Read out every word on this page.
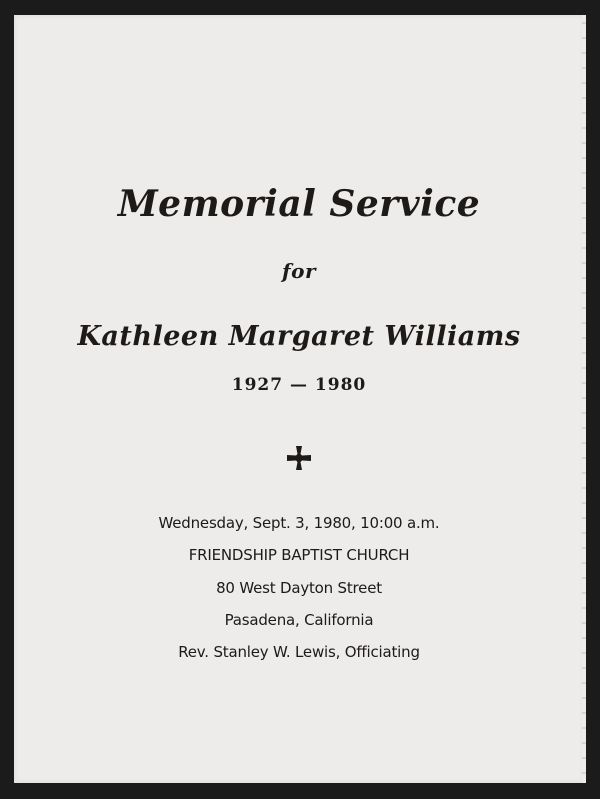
Memorial Service
for
Kathleen Margaret Williams
1927 — 1980
Wednesday, Sept. 3, 1980, 10:00 a.m.
FRIENDSHIP BAPTIST CHURCH
80 West Dayton Street
Pasadena, California
Rev. Stanley W. Lewis, Officiating
